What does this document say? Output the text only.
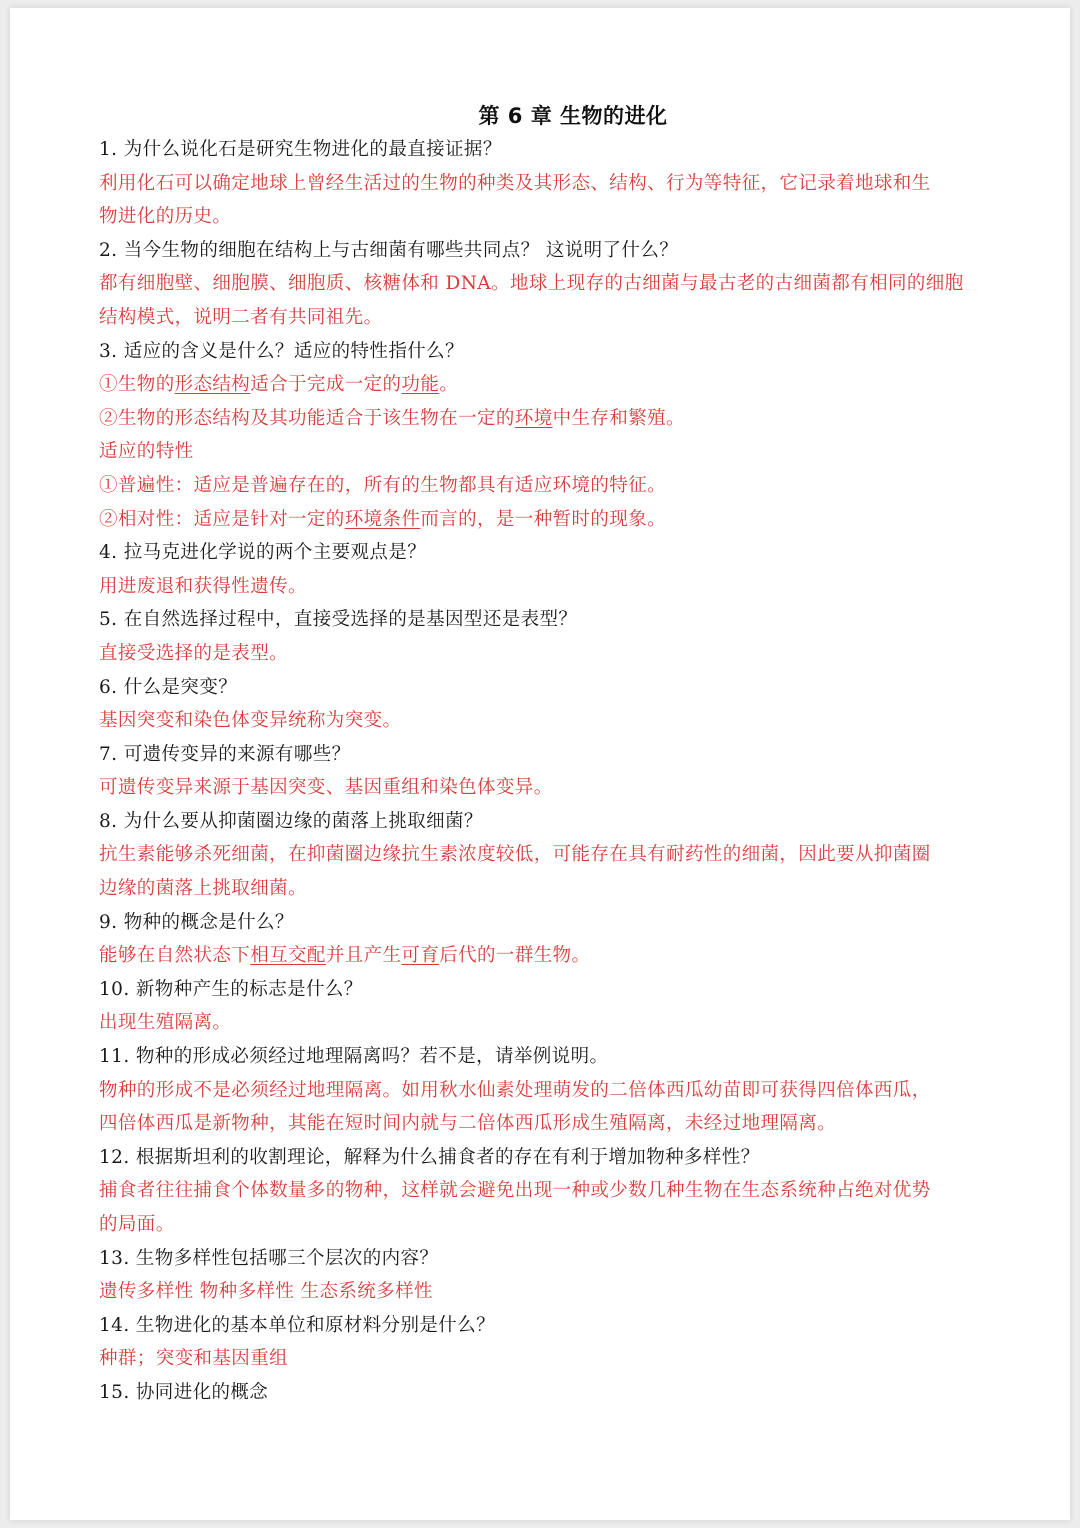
第 6 章 生物的进化
1. 为什么说化石是研究生物进化的最直接证据？
利用化石可以确定地球上曾经生活过的生物的种类及其形态、结构、行为等特征，它记录着地球和生
物进化的历史。
2. 当今生物的细胞在结构上与古细菌有哪些共同点？ 这说明了什么？
都有细胞壁、细胞膜、细胞质、核糖体和 DNA。地球上现存的古细菌与最古老的古细菌都有相同的细胞
结构模式，说明二者有共同祖先。
3. 适应的含义是什么？适应的特性指什么？
①生物的形态结构适合于完成一定的功能。
②生物的形态结构及其功能适合于该生物在一定的环境中生存和繁殖。
适应的特性
①普遍性：适应是普遍存在的，所有的生物都具有适应环境的特征。
②相对性：适应是针对一定的环境条件而言的，是一种暂时的现象。
4. 拉马克进化学说的两个主要观点是？
用进废退和获得性遗传。
5. 在自然选择过程中，直接受选择的是基因型还是表型？
直接受选择的是表型。
6. 什么是突变？
基因突变和染色体变异统称为突变。
7. 可遗传变异的来源有哪些？
可遗传变异来源于基因突变、基因重组和染色体变异。
8. 为什么要从抑菌圈边缘的菌落上挑取细菌？
抗生素能够杀死细菌，在抑菌圈边缘抗生素浓度较低，可能存在具有耐药性的细菌，因此要从抑菌圈
边缘的菌落上挑取细菌。
9. 物种的概念是什么？
能够在自然状态下相互交配并且产生可育后代的一群生物。
10. 新物种产生的标志是什么？
出现生殖隔离。
11. 物种的形成必须经过地理隔离吗？若不是，请举例说明。
物种的形成不是必须经过地理隔离。如用秋水仙素处理萌发的二倍体西瓜幼苗即可获得四倍体西瓜，
四倍体西瓜是新物种，其能在短时间内就与二倍体西瓜形成生殖隔离，未经过地理隔离。
12. 根据斯坦利的收割理论，解释为什么捕食者的存在有利于增加物种多样性？
捕食者往往捕食个体数量多的物种，这样就会避免出现一种或少数几种生物在生态系统种占绝对优势
的局面。
13. 生物多样性包括哪三个层次的内容？
遗传多样性 物种多样性 生态系统多样性
14. 生物进化的基本单位和原材料分别是什么？
种群；突变和基因重组
15. 协同进化的概念
